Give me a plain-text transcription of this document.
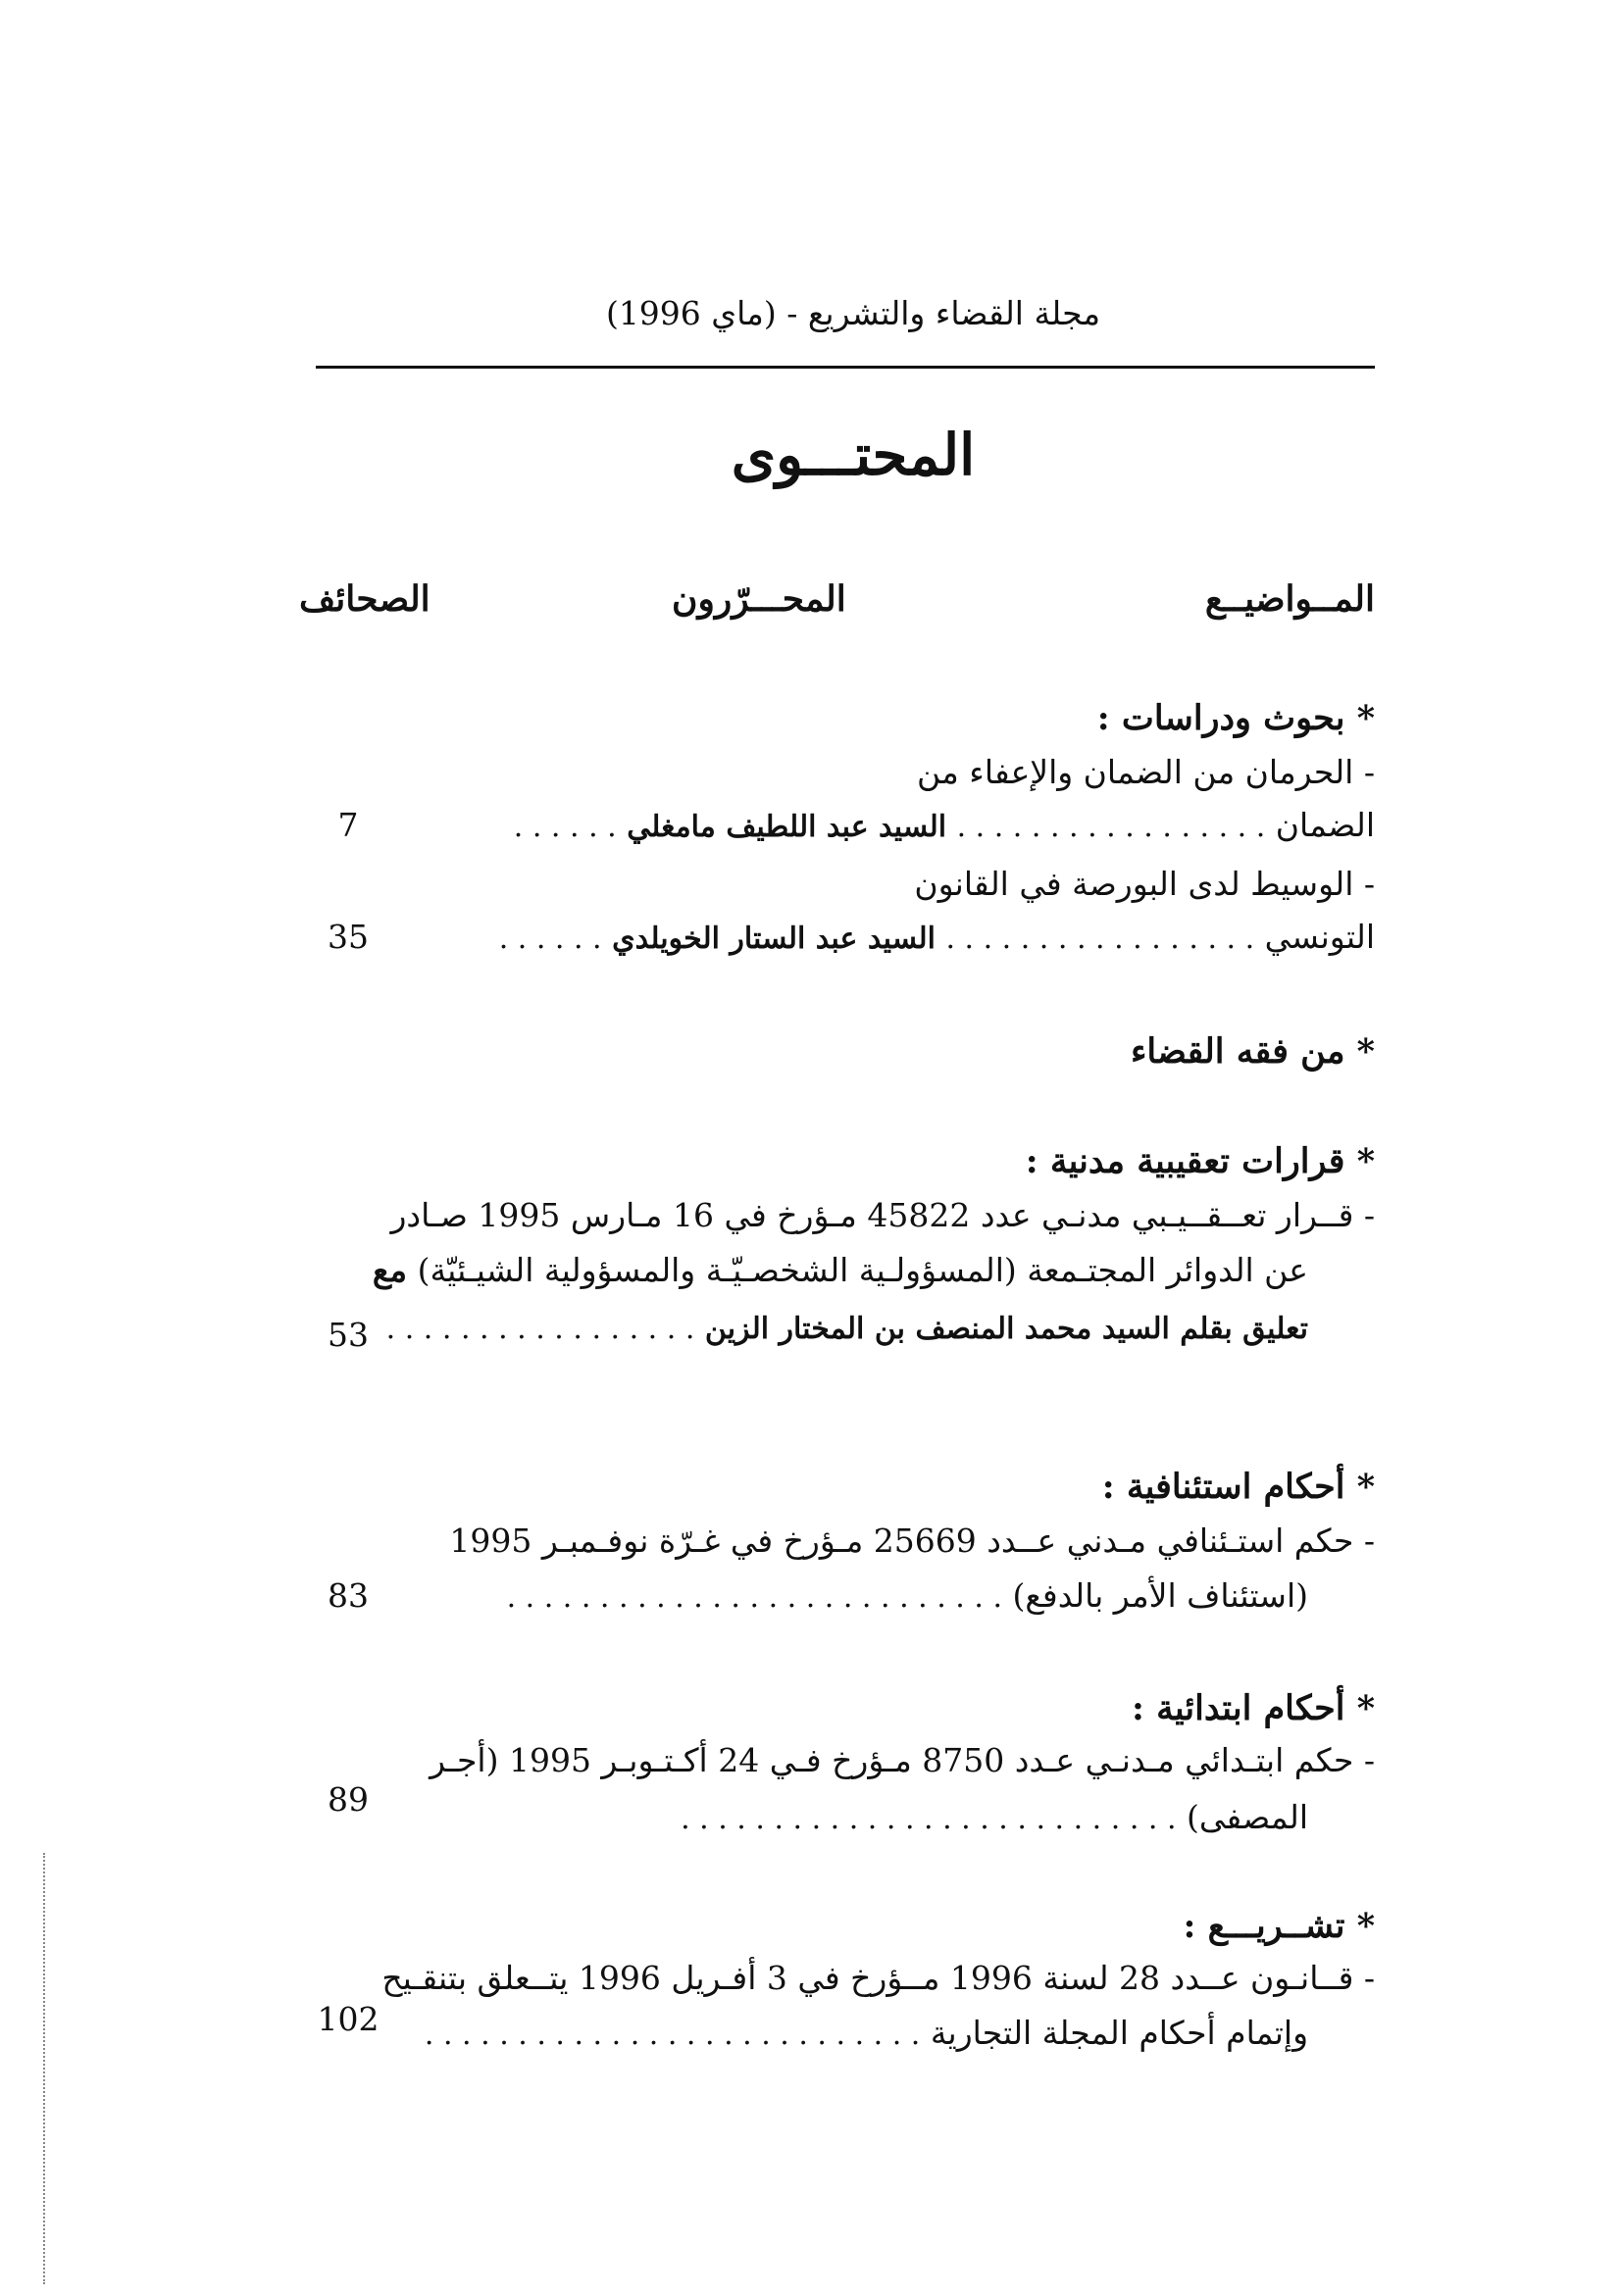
مجلة القضاء والتشريع - (ماي 1996)
المحتـــوى
المــواضيــع
المحـــرّرون
الصحائف
* بحوث ودراسات :
- الحرمان من الضمان والإعفاء من
الضمان . . . . . . . . . . . . . . . . . السيد عبد اللطيف مامغلي . . . . . .
7
- الوسيط لدى البورصة في القانون
التونسي . . . . . . . . . . . . . . . . . السيد عبد الستار الخويلدي . . . . . .
35
* من فقه القضاء
* قرارات تعقيبية مدنية :
- قــرار تعــقــيـبي مدنـي عدد 45822 مـؤرخ في 16 مـارس 1995 صـادر
عن الدوائر المجتـمعة (المسؤولـية الشخصـيّـة والمسؤولية الشيـئيّة) مع
تعليق بقلم السيد محمد المنصف بن المختار الزين . . . . . . . . . . . . . . . . .
53
* أحكام استئنافية :
- حكم استـئنافي مـدني عــدد 25669 مـؤرخ في غـرّة نوفـمبـر 1995
(استئناف الأمر بالدفع) . . . . . . . . . . . . . . . . . . . . . . . . . . .
83
* أحكام ابتدائية :
- حكم ابتـدائي مـدنـي عـدد 8750 مـؤرخ فـي 24 أكـتـوبـر 1995 (أجـر
المصفى) . . . . . . . . . . . . . . . . . . . . . . . . . . .
89
* تشــريـــع :
- قــانـون عــدد 28 لسنة 1996 مــؤرخ في 3 أفـريل 1996 يتــعلق بتنقـيح
وإتمام أحكام المجلة التجارية . . . . . . . . . . . . . . . . . . . . . . . . . . .
102
